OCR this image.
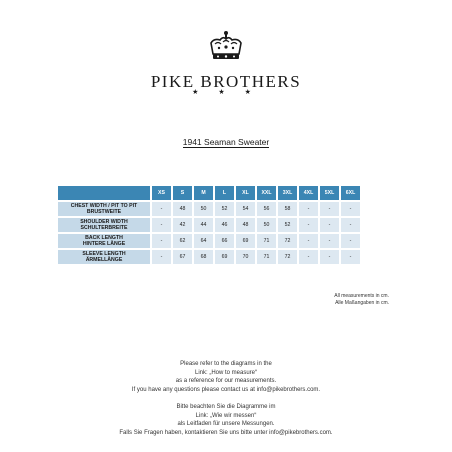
PIKE BROTHERS
★ ★ ★
1941 Seaman Sweater
	XS	S	M	L	XL	XXL	3XL	4XL	5XL	6XL

CHEST WIDTH / PIT TO PIT
BRUSTWEITE	-	48	50	52	54	56	58	-	-	-

SHOULDER WIDTH
SCHULTERBREITE	-	42	44	46	48	50	52	-	-	-

BACK LENGTH
HINTERE LÄNGE	-	62	64	66	69	71	72	-	-	-

SLEEVE LENGTH
ÄRMELLÄNGE	-	67	68	69	70	71	72	-	-	-
All measurements in cm.
Alle Maßangaben in cm.
Please refer to the diagrams in the
Link: „How to measure“
as a reference for our measurements.
If you have any questions please contact us at info@pikebrothers.com.
Bitte beachten Sie die Diagramme im
Link: „Wie wir messen“
als Leitfaden für unsere Messungen.
Falls Sie Fragen haben, kontaktieren Sie uns bitte unter info@pikebrothers.com.
